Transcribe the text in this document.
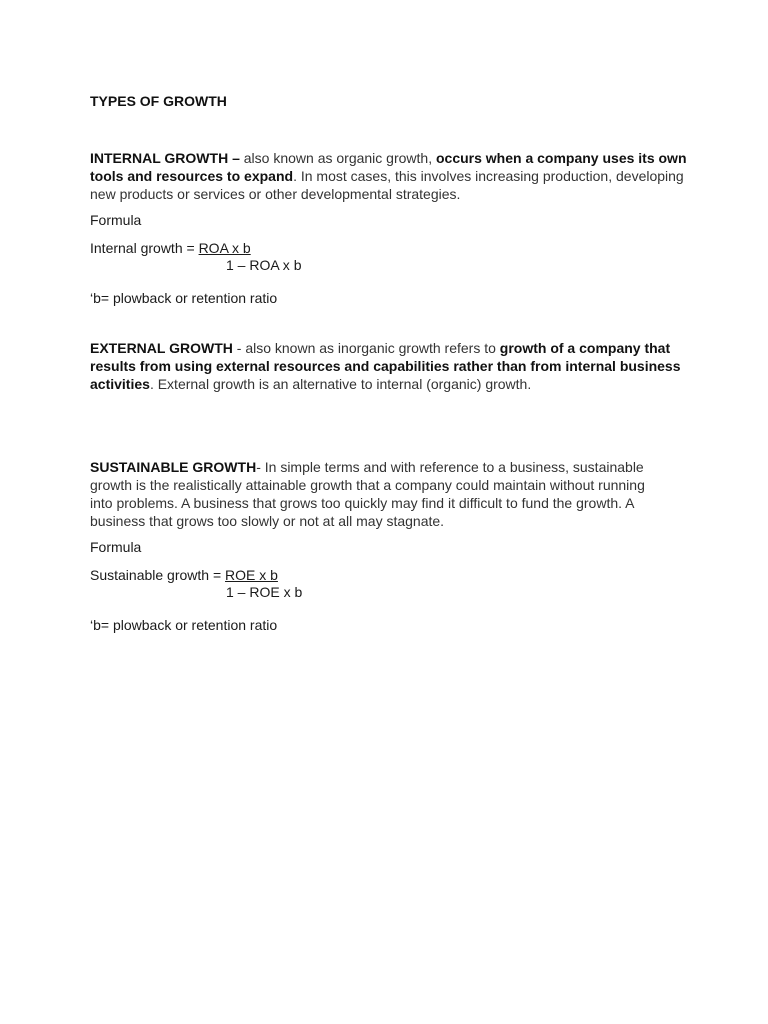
TYPES OF GROWTH
INTERNAL GROWTH – also known as organic growth, occurs when a company uses its own tools and resources to expand. In most cases, this involves increasing production, developing new products or services or other developmental strategies.
Formula
Internal growth = ROA x b
1 – ROA x b
‘b= plowback or retention ratio
EXTERNAL GROWTH - also known as inorganic growth refers to growth of a company that results from using external resources and capabilities rather than from internal business activities. External growth is an alternative to internal (organic) growth.
SUSTAINABLE GROWTH- In simple terms and with reference to a business, sustainable growth is the realistically attainable growth that a company could maintain without running into problems. A business that grows too quickly may find it difficult to fund the growth. A business that grows too slowly or not at all may stagnate.
Formula
Sustainable growth = ROE x b
1 – ROE x b
‘b= plowback or retention ratio
